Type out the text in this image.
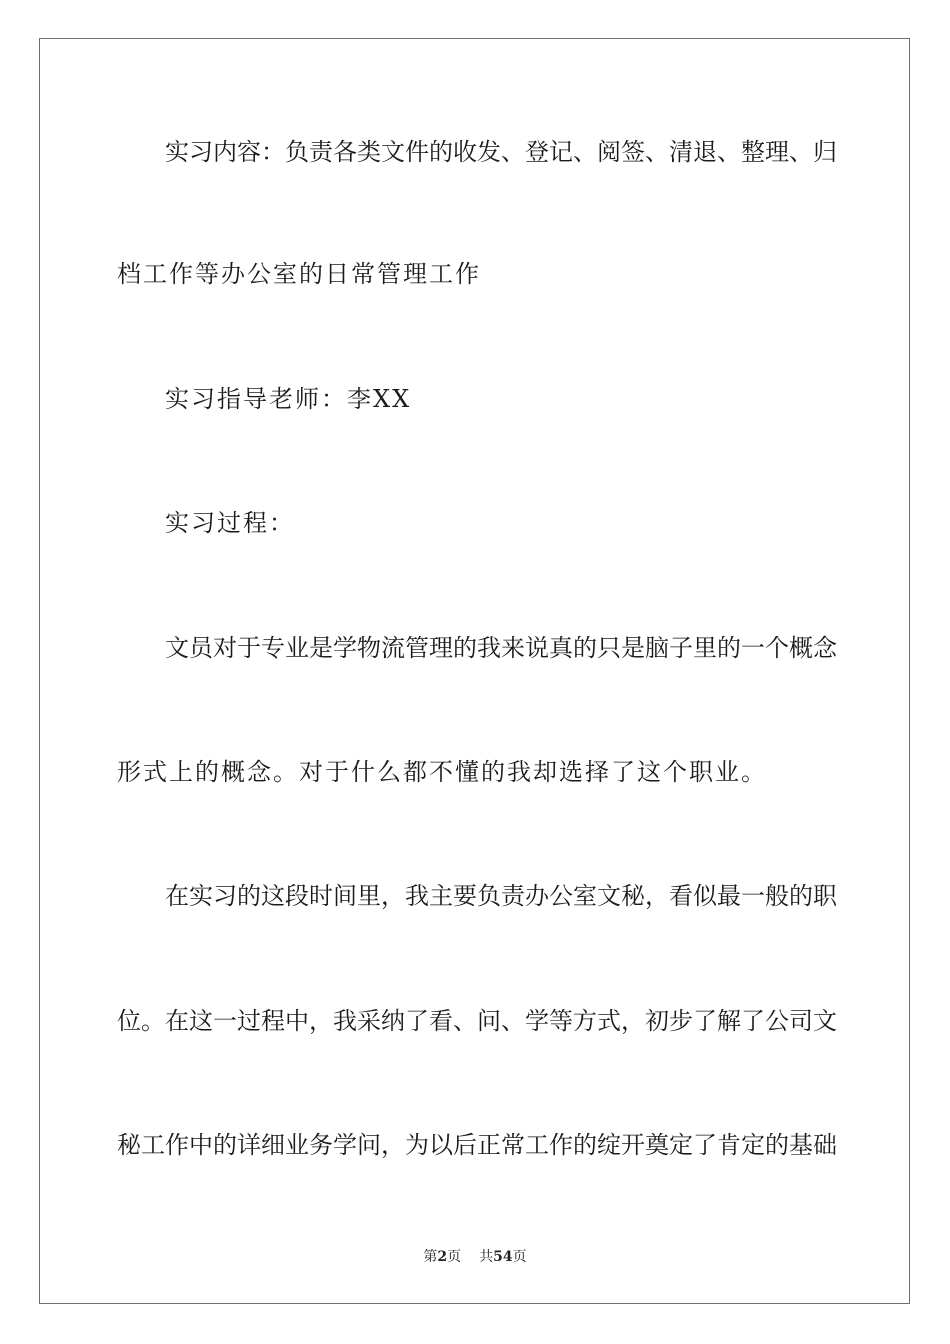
实习内容：负责各类文件的收发、登记、阅签、清退、整理、归
档工作等办公室的日常管理工作
实习指导老师：李XX
实习过程：
文员对于专业是学物流管理的我来说真的只是脑子里的一个概念
形式上的概念。对于什么都不懂的我却选择了这个职业。
在实习的这段时间里，我主要负责办公室文秘，看似最一般的职
位。在这一过程中，我采纳了看、问、学等方式，初步了解了公司文
秘工作中的详细业务学问，为以后正常工作的绽开奠定了肯定的基础
第2页 共54页
